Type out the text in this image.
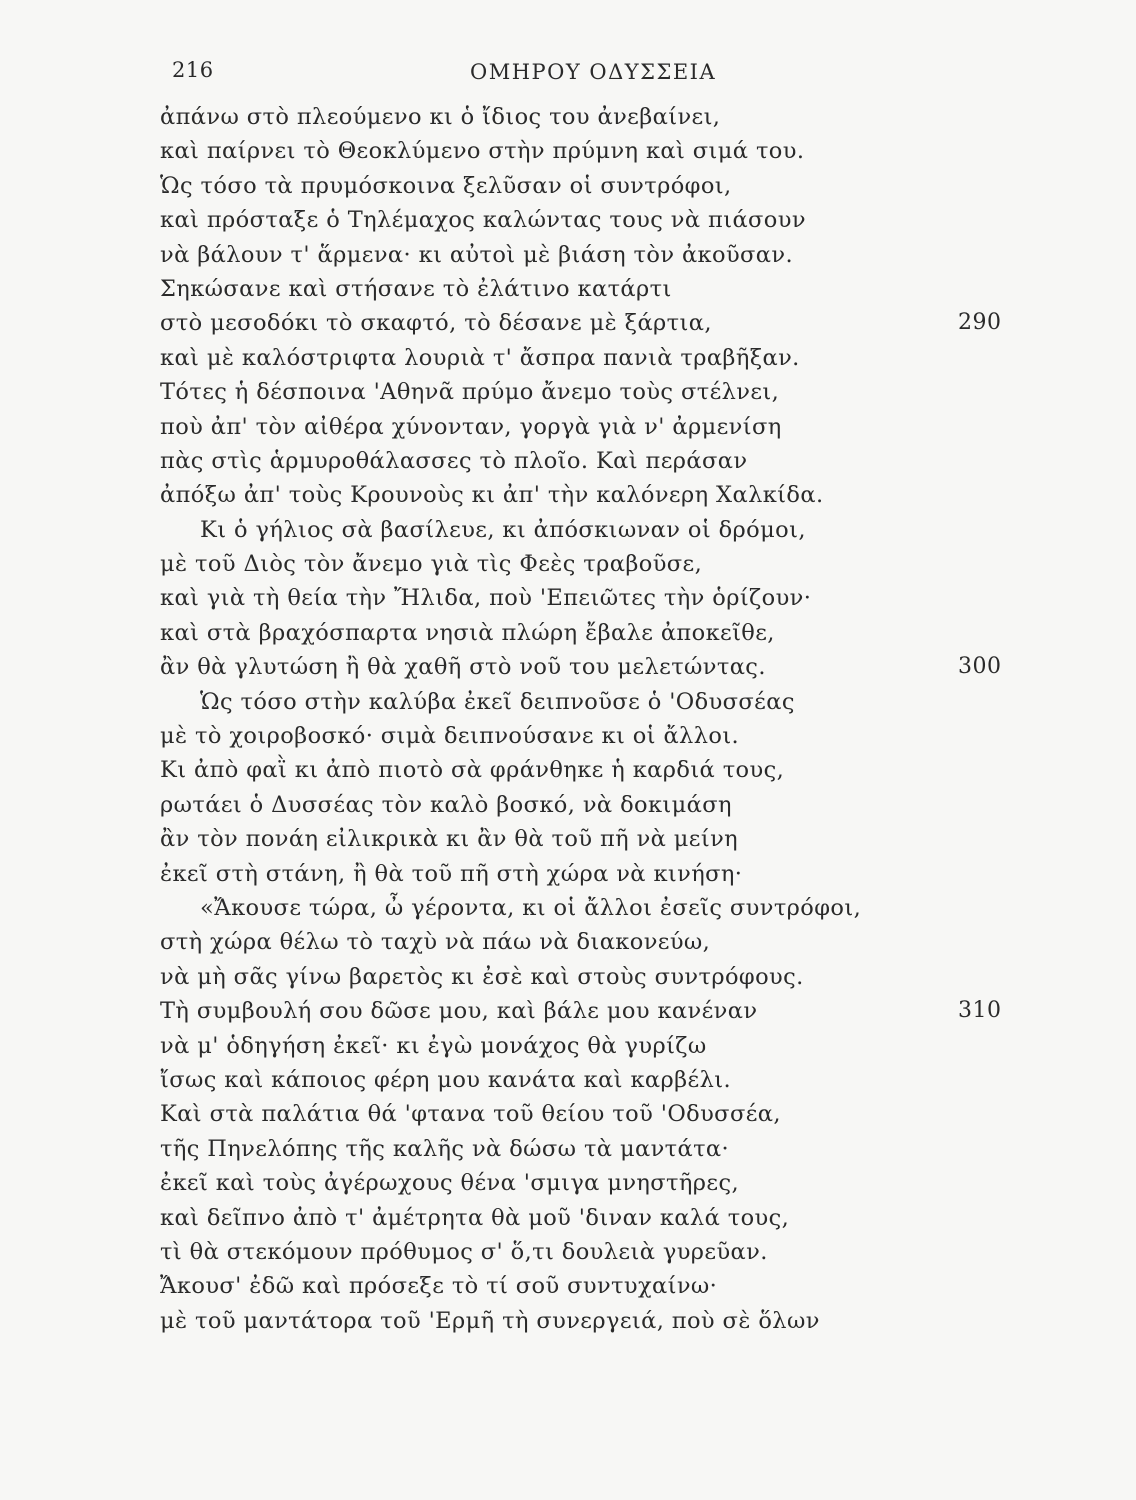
216	ΟΜΗΡΟΥ ΟΔΥΣΣΕΙΑ
ἀπάνω στὸ πλεούμενο κι ὁ ἴδιος του ἀνεβαίνει,
καὶ παίρνει τὸ Θεοκλύμενο στὴν πρύμνη καὶ σιμά του.
Ὡς τόσο τὰ πρυμόσκοινα ξελῦσαν οἱ συντρόφοι,
καὶ πρόσταξε ὁ Τηλέμαχος καλώντας τους νὰ πιάσουν
νὰ βάλουν τ' ἅρμενα· κι αὐτοὶ μὲ βιάση τὸν ἀκοῦσαν.
Σηκώσανε καὶ στήσανε τὸ ἐλάτινο κατάρτι
στὸ μεσοδόκι τὸ σκαφτό, τὸ δέσανε μὲ ξάρτια,	290
καὶ μὲ καλόστριφτα λουριὰ τ' ἄσπρα πανιὰ τραβῆξαν.
Τότες ἡ δέσποινα 'Αθηνᾶ πρύμο ἄνεμο τοὺς στέλνει,
ποὺ ἀπ' τὸν αἰθέρα χύνονταν, γοργὰ γιὰ ν' ἀρμενίση
πὰς στὶς ἁρμυροθάλασσες τὸ πλοῖο. Καὶ περάσαν
ἀπόξω ἀπ' τοὺς Κρουνοὺς κι ἀπ' τὴν καλόνερη Χαλκίδα.
Κι ὁ γήλιος σὰ βασίλευε, κι ἀπόσκιωναν οἱ δρόμοι,
μὲ τοῦ Διὸς τὸν ἄνεμο γιὰ τὶς Φεὲς τραβοῦσε,
καὶ γιὰ τὴ θεία τὴν Ἤλιδα, ποὺ 'Επειῶτες τὴν ὁρίζουν·
καὶ στὰ βραχόσπαρτα νησιὰ πλώρη ἔβαλε ἀποκεῖθε,
ἂν θὰ γλυτώση ἢ θὰ χαθῆ στὸ νοῦ του μελετώντας.	300
Ὡς τόσο στὴν καλύβα ἐκεῖ δειπνοῦσε ὁ 'Οδυσσέας
μὲ τὸ χοιροβοσκό· σιμὰ δειπνούσανε κι οἱ ἄλλοι.
Κι ἀπὸ φαῒ κι ἀπὸ πιοτὸ σὰ φράνθηκε ἡ καρδιά τους,
ρωτάει ὁ Δυσσέας τὸν καλὸ βοσκό, νὰ δοκιμάση
ἂν τὸν πονάη εἰλικρικὰ κι ἂν θὰ τοῦ πῆ νὰ μείνη
ἐκεῖ στὴ στάνη, ἢ θὰ τοῦ πῆ στὴ χώρα νὰ κινήση·
«Ἄκουσε τώρα, ὦ γέροντα, κι οἱ ἄλλοι ἐσεῖς συντρόφοι,
στὴ χώρα θέλω τὸ ταχὺ νὰ πάω νὰ διακονεύω,
νὰ μὴ σᾶς γίνω βαρετὸς κι ἐσὲ καὶ στοὺς συντρόφους.
Τὴ συμβουλή σου δῶσε μου, καὶ βάλε μου κανέναν	310
νὰ μ' ὁδηγήση ἐκεῖ· κι ἐγὼ μονάχος θὰ γυρίζω
ἴσως καὶ κάποιος φέρη μου κανάτα καὶ καρβέλι.
Καὶ στὰ παλάτια θά 'φτανα τοῦ θείου τοῦ 'Οδυσσέα,
τῆς Πηνελόπης τῆς καλῆς νὰ δώσω τὰ μαντάτα·
ἐκεῖ καὶ τοὺς ἀγέρωχους θένα 'σμιγα μνηστῆρες,
καὶ δεῖπνο ἀπὸ τ' ἀμέτρητα θὰ μοῦ 'διναν καλά τους,
τὶ θὰ στεκόμουν πρόθυμος σ' ὅ,τι δουλειὰ γυρεῦαν.
Ἄκουσ' ἐδῶ καὶ πρόσεξε τὸ τί σοῦ συντυχαίνω·
μὲ τοῦ μαντάτορα τοῦ 'Ερμῆ τὴ συνεργειά, ποὺ σὲ ὅλων
